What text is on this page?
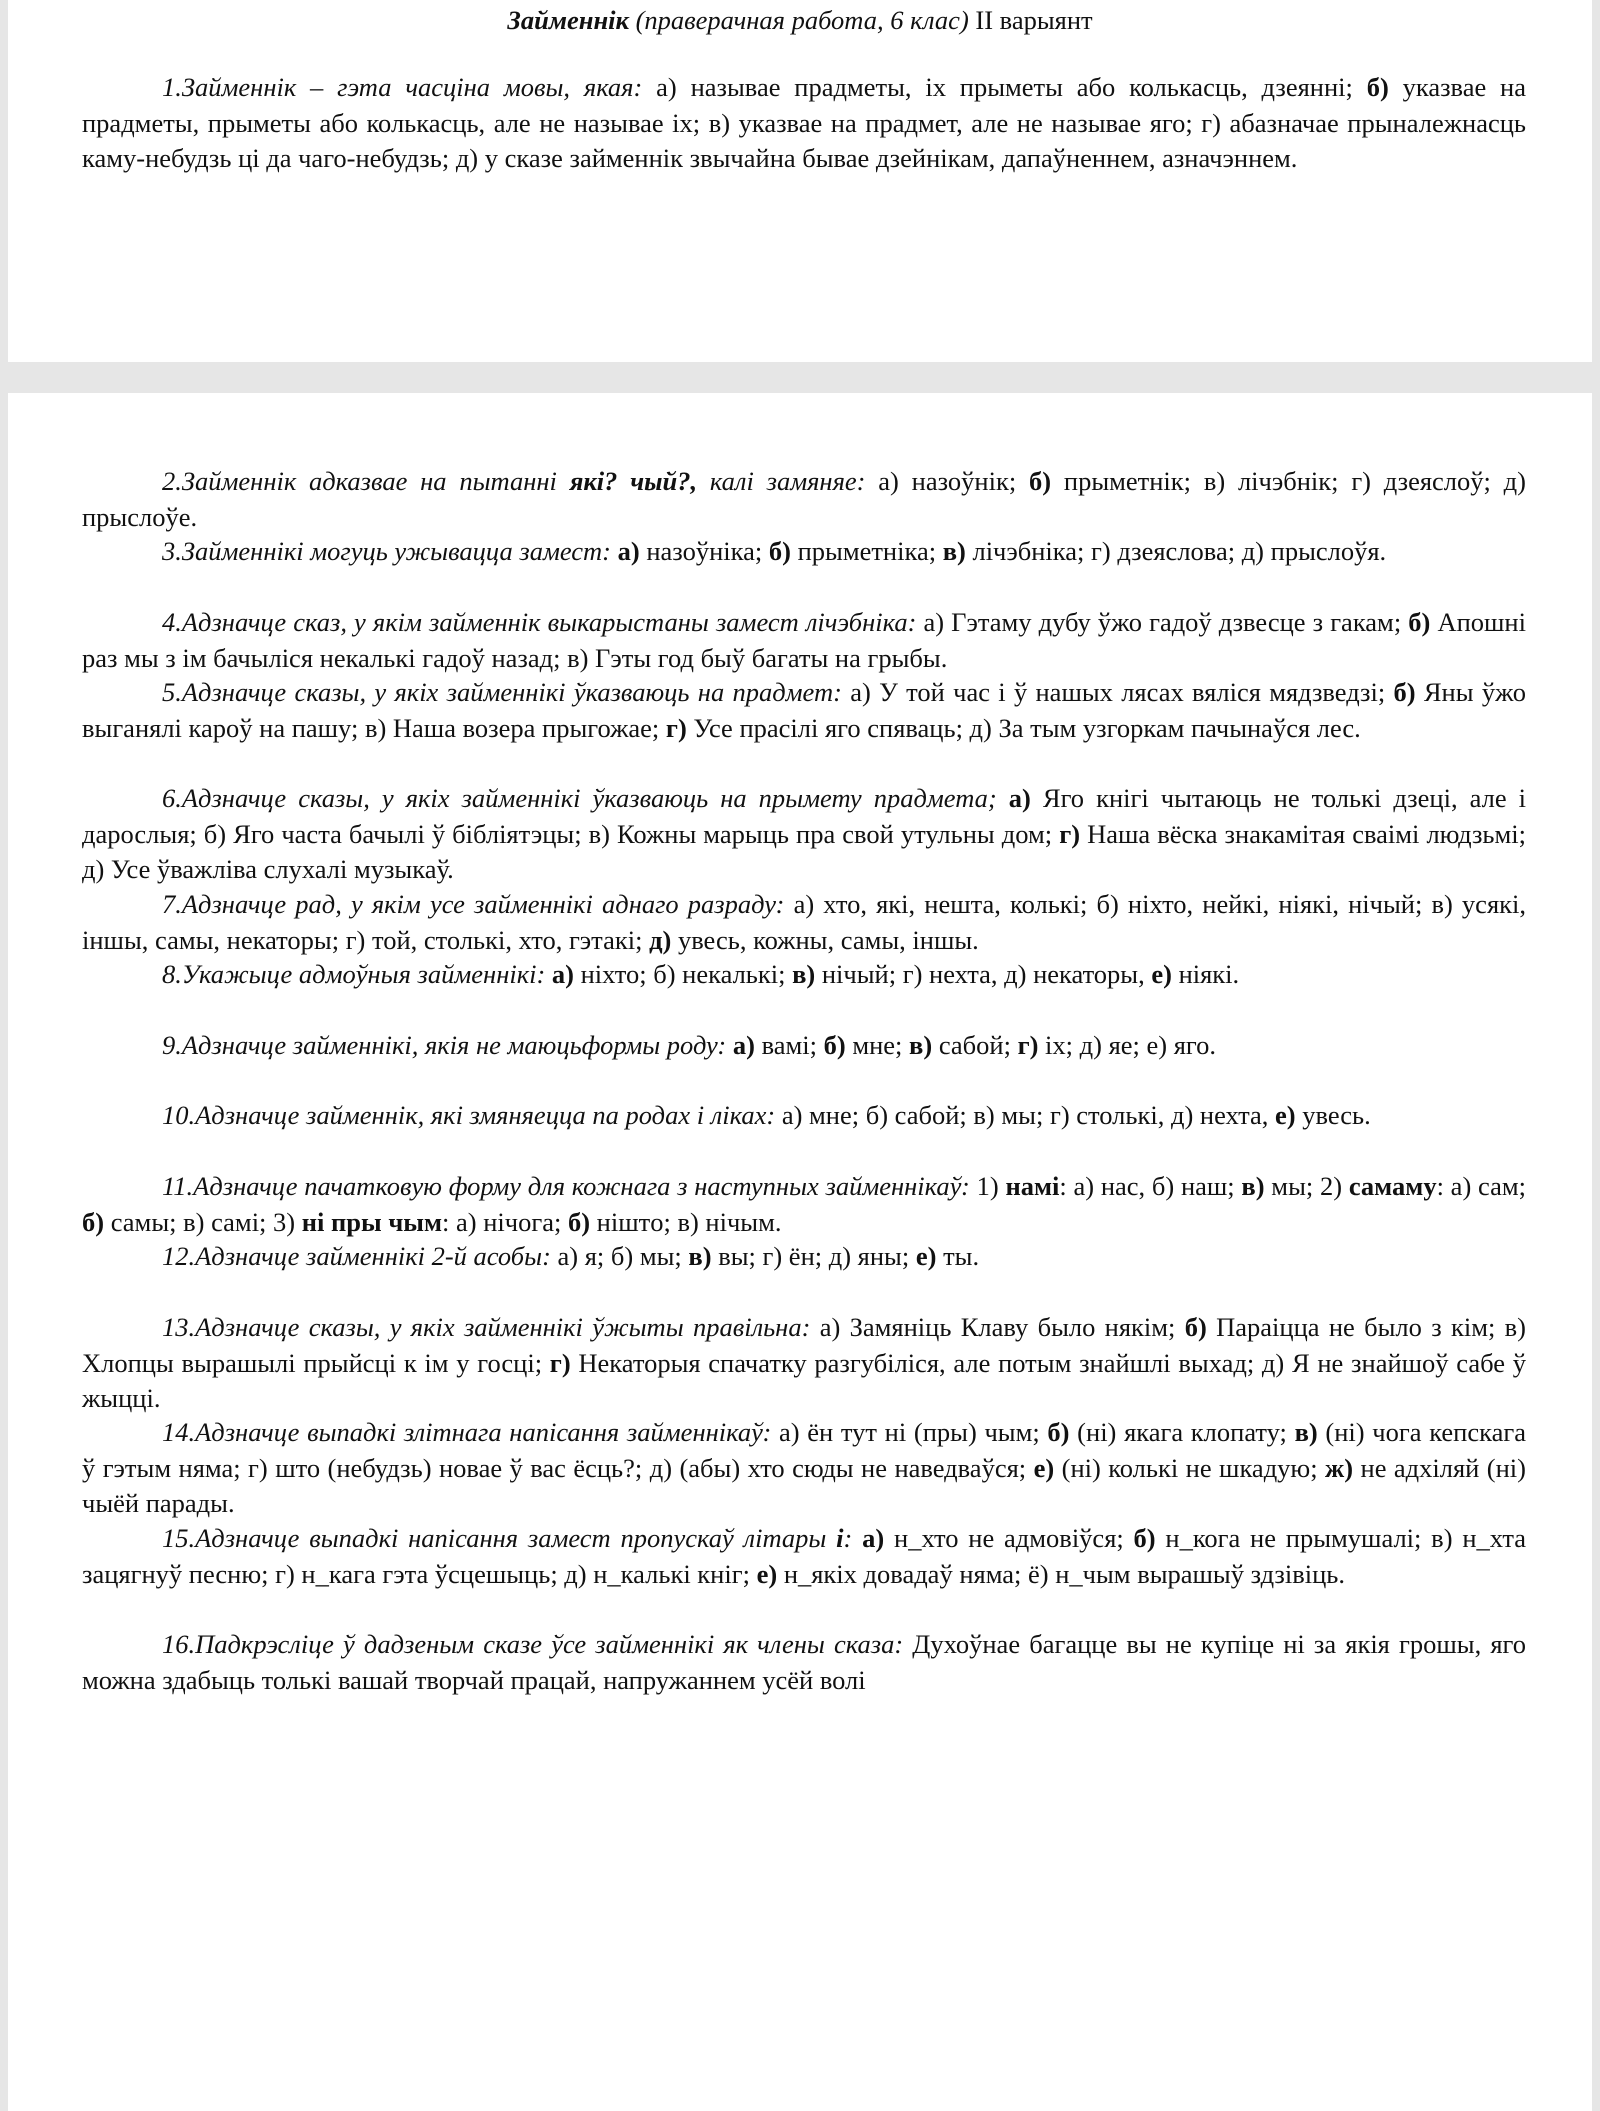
Займеннік (праверачная работа, 6 клас) II варыянт

1.Займеннік – гэта часціна мовы, якая: а) называе прадметы, іх прыметы або колькасць, дзеянні; б) указвае на прадметы, прыметы або колькасць, але не называе іх; в) указвае на прадмет, але не называе яго; г) абазначае прыналежнасць каму-небудзь ці да чаго-небудзь; д) у сказе займеннік звычайна бывае дзейнікам, дапаўненнем, азначэннем.

2.Займеннік адказвае на пытанні які? чый?, калі замяняе: а) назоўнік; б) прыметнік; в) лічэбнік; г) дзеяслоў; д) прыслоўе.

3.Займеннікі могуць ужывацца замест: а) назоўніка; б) прыметніка; в) лічэбніка; г) дзеяслова; д) прыслоўя.

4.Адзначце сказ, у якім займеннік выкарыстаны замест лічэбніка: а) Гэтаму дубу ўжо гадоў дзвесце з гакам; б) Апошні раз мы з ім бачыліся некалькі гадоў назад; в) Гэты год быў багаты на грыбы.

5.Адзначце сказы, у якіх займеннікі ўказваюць на прадмет: а) У той час і ў нашых лясах вяліся мядзведзі; б) Яны ўжо выганялі кароў на пашу; в) Наша возера прыгожае; г) Усе прасілі яго спяваць; д) За тым узгоркам пачынаўся лес.

6.Адзначце сказы, у якіх займеннікі ўказваюць на прымету прадмета; а) Яго кнігі чытаюць не толькі дзеці, але і дарослыя; б) Яго часта бачылі ў бібліятэцы; в) Кожны марыць пра свой утульны дом; г) Наша вёска знакамітая сваімі людзьмі; д) Усе ўважліва слухалі музыкаў.

7.Адзначце рад, у якім усе займеннікі аднаго разраду: а) хто, які, нешта, колькі; б) ніхто, нейкі, ніякі, нічый; в) усякі, іншы, самы, некаторы; г) той, столькі, хто, гэтакі; д) увесь, кожны, самы, іншы.

8.Укажыце адмоўныя займеннікі: а) ніхто; б) некалькі; в) нічый; г) нехта, д) некаторы, е) ніякі.

9.Адзначце займеннікі, якія не маюцьформы роду: а) вамі; б) мне; в) сабой; г) іх; д) яе; е) яго.

10.Адзначце займеннік, які змяняецца па родах і ліках: а) мне; б) сабой; в) мы; г) столькі, д) нехта, е) увесь.

11.Адзначце пачатковую форму для кожнага з наступных займеннікаў: 1) намі: а) нас, б) наш; в) мы; 2) самаму: а) сам; б) самы; в) самі; 3) ні пры чым: а) нічога; б) ніштo; в) нічым.

12.Адзначце займеннікі 2-й асобы: а) я; б) мы; в) вы; г) ён; д) яны; е) ты.

13.Адзначце сказы, у якіх займеннікі ўжыты правільна: а) Замяніць Клаву было някім; б) Параіцца не было з кім; в) Хлопцы вырашылі прыйсці к ім у госці; г) Некаторыя спачатку разгубіліся, але потым знайшлі выхад; д) Я не знайшоў сабе ў жыцці.

14.Адзначце выпадкі злітнага напісання займеннікаў: а) ён тут ні (пры) чым; б) (ні) якага клопату; в) (ні) чога кепскага ў гэтым няма; г) што (небудзь) новае ў вас ёсць?; д) (абы) хто сюды не наведваўся; е) (ні) колькі не шкадую; ж) не адхіляй (ні) чыёй парады.

15.Адзначце выпадкі напісання замест пропускаў літары і: а) н_хто не адмовіўся; б) н_кога не прымушалі; в) н_хта зацягнуў песню; г) н_кага гэта ўсцешыць; д) н_калькі кніг; е) н_якіх довадаў няма; ё) н_чым вырашыў здзівіць.

16.Падкрэсліце ў дадзеным сказе ўсе займеннікі як члены сказа: Духоўнае багацце вы не купіце ні за якія грошы, яго можна здабыць толькі вашай творчай працай, напружаннем усёй волі
